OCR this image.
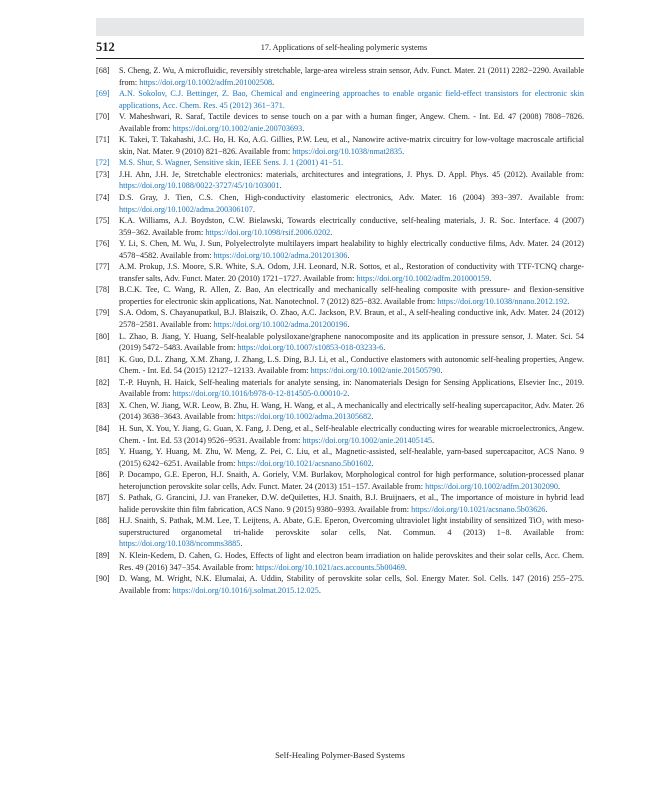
512	17. Applications of self-healing polymeric systems
[68] S. Cheng, Z. Wu, A microfluidic, reversibly stretchable, large-area wireless strain sensor, Adv. Funct. Mater. 21 (2011) 2282−2290. Available from: https://doi.org/10.1002/adfm.201002508.
[69] A.N. Sokolov, C.J. Bettinger, Z. Bao, Chemical and engineering approaches to enable organic field-effect transistors for electronic skin applications, Acc. Chem. Res. 45 (2012) 361−371.
[70] V. Maheshwari, R. Saraf, Tactile devices to sense touch on a par with a human finger, Angew. Chem. - Int. Ed. 47 (2008) 7808−7826. Available from: https://doi.org/10.1002/anie.200703693.
[71] K. Takei, T. Takahashi, J.C. Ho, H. Ko, A.G. Gillies, P.W. Leu, et al., Nanowire active-matrix circuitry for low-voltage macroscale artificial skin, Nat. Mater. 9 (2010) 821−826. Available from: https://doi.org/10.1038/nmat2835.
[72] M.S. Shur, S. Wagner, Sensitive skin, IEEE Sens. J. 1 (2001) 41−51.
[73] J.H. Ahn, J.H. Je, Stretchable electronics: materials, architectures and integrations, J. Phys. D. Appl. Phys. 45 (2012). Available from: https://doi.org/10.1088/0022-3727/45/10/103001.
[74] D.S. Gray, J. Tien, C.S. Chen, High-conductivity elastomeric electronics, Adv. Mater. 16 (2004) 393−397. Available from: https://doi.org/10.1002/adma.200306107.
[75] K.A. Williams, A.J. Boydston, C.W. Bielawski, Towards electrically conductive, self-healing materials, J. R. Soc. Interface. 4 (2007) 359−362. Available from: https://doi.org/10.1098/rsif.2006.0202.
[76] Y. Li, S. Chen, M. Wu, J. Sun, Polyelectrolyte multilayers impart healability to highly electrically conductive films, Adv. Mater. 24 (2012) 4578−4582. Available from: https://doi.org/10.1002/adma.201201306.
[77] A.M. Prokup, J.S. Moore, S.R. White, S.A. Odom, J.H. Leonard, N.R. Sottos, et al., Restoration of conductivity with TTF-TCNQ charge-transfer salts, Adv. Funct. Mater. 20 (2010) 1721−1727. Available from: https://doi.org/10.1002/adfm.201000159.
[78] B.C.K. Tee, C. Wang, R. Allen, Z. Bao, An electrically and mechanically self-healing composite with pressure- and flexion-sensitive properties for electronic skin applications, Nat. Nanotechnol. 7 (2012) 825−832. Available from: https://doi.org/10.1038/nnano.2012.192.
[79] S.A. Odom, S. Chayanupatkul, B.J. Blaiszik, O. Zhao, A.C. Jackson, P.V. Braun, et al., A self-healing conductive ink, Adv. Mater. 24 (2012) 2578−2581. Available from: https://doi.org/10.1002/adma.201200196.
[80] L. Zhao, B. Jiang, Y. Huang, Self-healable polysiloxane/graphene nanocomposite and its application in pressure sensor, J. Mater. Sci. 54 (2019) 5472−5483. Available from: https://doi.org/10.1007/s10853-018-03233-6.
[81] K. Guo, D.L. Zhang, X.M. Zhang, J. Zhang, L.S. Ding, B.J. Li, et al., Conductive elastomers with autonomic self-healing properties, Angew. Chem. - Int. Ed. 54 (2015) 12127−12133. Available from: https://doi.org/10.1002/anie.201505790.
[82] T.-P. Huynh, H. Haick, Self-healing materials for analyte sensing, in: Nanomaterials Design for Sensing Applications, Elsevier Inc., 2019. Available from: https://doi.org/10.1016/b978-0-12-814505-0.00010-2.
[83] X. Chen, W. Jiang, W.R. Leow, B. Zhu, H. Wang, H. Wang, et al., A mechanically and electrically self-healing supercapacitor, Adv. Mater. 26 (2014) 3638−3643. Available from: https://doi.org/10.1002/adma.201305682.
[84] H. Sun, X. You, Y. Jiang, G. Guan, X. Fang, J. Deng, et al., Self-healable electrically conducting wires for wearable microelectronics, Angew. Chem. - Int. Ed. 53 (2014) 9526−9531. Available from: https://doi.org/10.1002/anie.201405145.
[85] Y. Huang, Y. Huang, M. Zhu, W. Meng, Z. Pei, C. Liu, et al., Magnetic-assisted, self-healable, yarn-based supercapacitor, ACS Nano. 9 (2015) 6242−6251. Available from: https://doi.org/10.1021/acsnano.5b01602.
[86] P. Docampo, G.E. Eperon, H.J. Snaith, A. Goriely, V.M. Burlakov, Morphological control for high performance, solution-processed planar heterojunction perovskite solar cells, Adv. Funct. Mater. 24 (2013) 151−157. Available from: https://doi.org/10.1002/adfm.201302090.
[87] S. Pathak, G. Grancini, J.J. van Franeker, D.W. deQuilettes, H.J. Snaith, B.J. Bruijnaers, et al., The importance of moisture in hybrid lead halide perovskite thin film fabrication, ACS Nano. 9 (2015) 9380−9393. Available from: https://doi.org/10.1021/acsnano.5b03626.
[88] H.J. Snaith, S. Pathak, M.M. Lee, T. Leijtens, A. Abate, G.E. Eperon, Overcoming ultraviolet light instability of sensitized TiO₂ with meso-superstructured organometal tri-halide perovskite solar cells, Nat. Commun. 4 (2013) 1−8. Available from: https://doi.org/10.1038/ncomms3885.
[89] N. Klein-Kedem, D. Cahen, G. Hodes, Effects of light and electron beam irradiation on halide perovskites and their solar cells, Acc. Chem. Res. 49 (2016) 347−354. Available from: https://doi.org/10.1021/acs.accounts.5b00469.
[90] D. Wang, M. Wright, N.K. Elumalai, A. Uddin, Stability of perovskite solar cells, Sol. Energy Mater. Sol. Cells. 147 (2016) 255−275. Available from: https://doi.org/10.1016/j.solmat.2015.12.025.
Self-Healing Polymer-Based Systems
